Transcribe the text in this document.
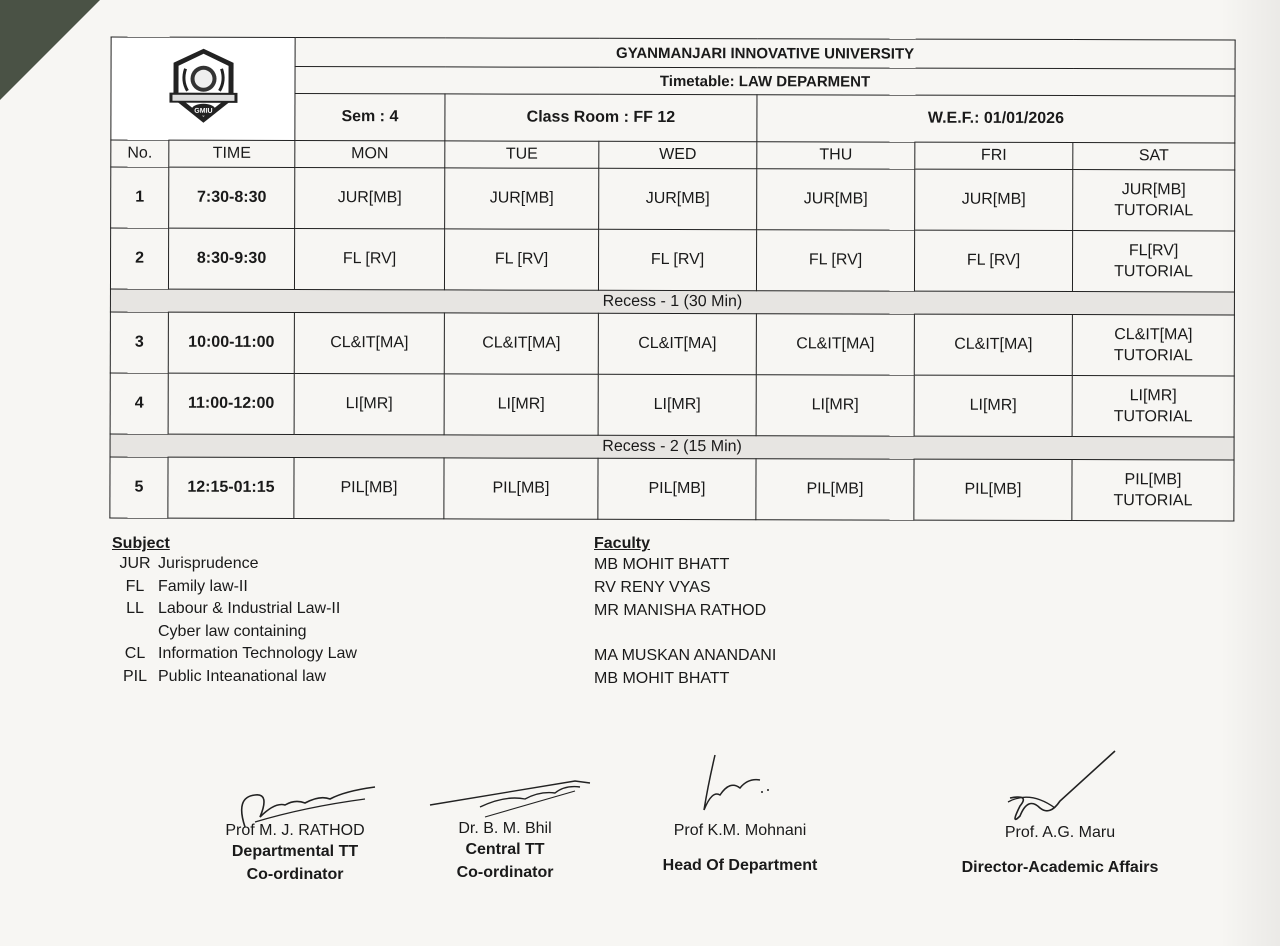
GMIU		GYANMANJARI INNOVATIVE UNIVERSITY					
		Timetable: LAW DEPARMENT					
		Sem : 4	Class Room : FF 12		W.E.F.: 01/01/2026		
No.	TIME	MON	TUE	WED	THU	FRI	SAT
1	7:30-8:30	JUR[MB]	JUR[MB]	JUR[MB]	JUR[MB]	JUR[MB]	JUR[MB]
TUTORIAL

2	8:30-9:30	FL [RV]	FL [RV]	FL [RV]	FL [RV]	FL [RV]	FL[RV]
TUTORIAL

Recess - 1 (30 Min)							
3	10:00-11:00	CL&IT[MA]	CL&IT[MA]	CL&IT[MA]	CL&IT[MA]	CL&IT[MA]	CL&IT[MA]
TUTORIAL

4	11:00-12:00	LI[MR]	LI[MR]	LI[MR]	LI[MR]	LI[MR]	LI[MR]
TUTORIAL

Recess - 2 (15 Min)							
5	12:15-01:15	PIL[MB]	PIL[MB]	PIL[MB]	PIL[MB]	PIL[MB]	PIL[MB]
TUTORIAL
Subject
JUR Jurisprudence
FL Family law-II
LL Labour & Industrial Law-II
Cyber law containing
CL Information Technology Law
PIL Public Inteanational law
Faculty
MB MOHIT BHATT
RV RENY VYAS
MR MANISHA RATHOD
MA MUSKAN ANANDANI
MB MOHIT BHATT
Prof M. J. RATHOD
Departmental TT
Co-ordinator
Dr. B. M. Bhil
Central TT
Co-ordinator
Prof K.M. Mohnani
Head Of Department
Prof. A.G. Maru
Director-Academic Affairs
